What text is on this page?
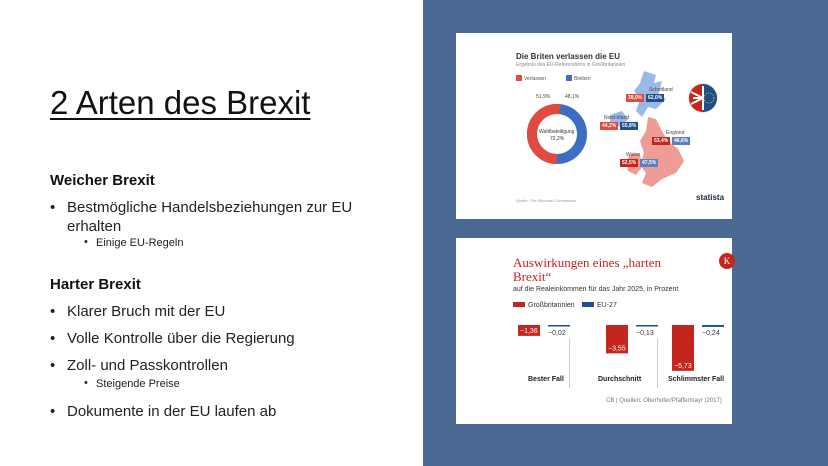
2 Arten des Brexit
Weicher Brexit
• Bestmögliche Handelsbeziehungen zur EU erhalten
• Einige EU-Regeln
Harter Brexit
• Klarer Bruch mit der EU
• Volle Kontrolle über die Regierung
• Zoll- und Passkontrollen
• Steigende Preise
• Dokumente in der EU laufen ab
Die Briten verlassen die EU
Ergebnis des EU-Referendums in Großbritannien
Verlassen	Bleiben
51,9%	48,1%
Wahlbeteiligung
72,2%
Schottland
38,0%	62,0%
Nord-Irland
44,2%	55,8%
England
53,4%	46,6%
Wales
52,5%	47,5%
Quelle: The Electoral Commission	statista
Auswirkungen eines „harten Brexit“
auf die Realeinkommen für das Jahr 2025, in Prozent
K
Großbritannien	EU-27
−1,36
−3,55
−5,73
−0,02	−0,13	−0,24
Bester Fall	Durchschnitt	Schlimmster Fall
CB | Quellen: Oberhofer/Pfaffermayr (2017)
